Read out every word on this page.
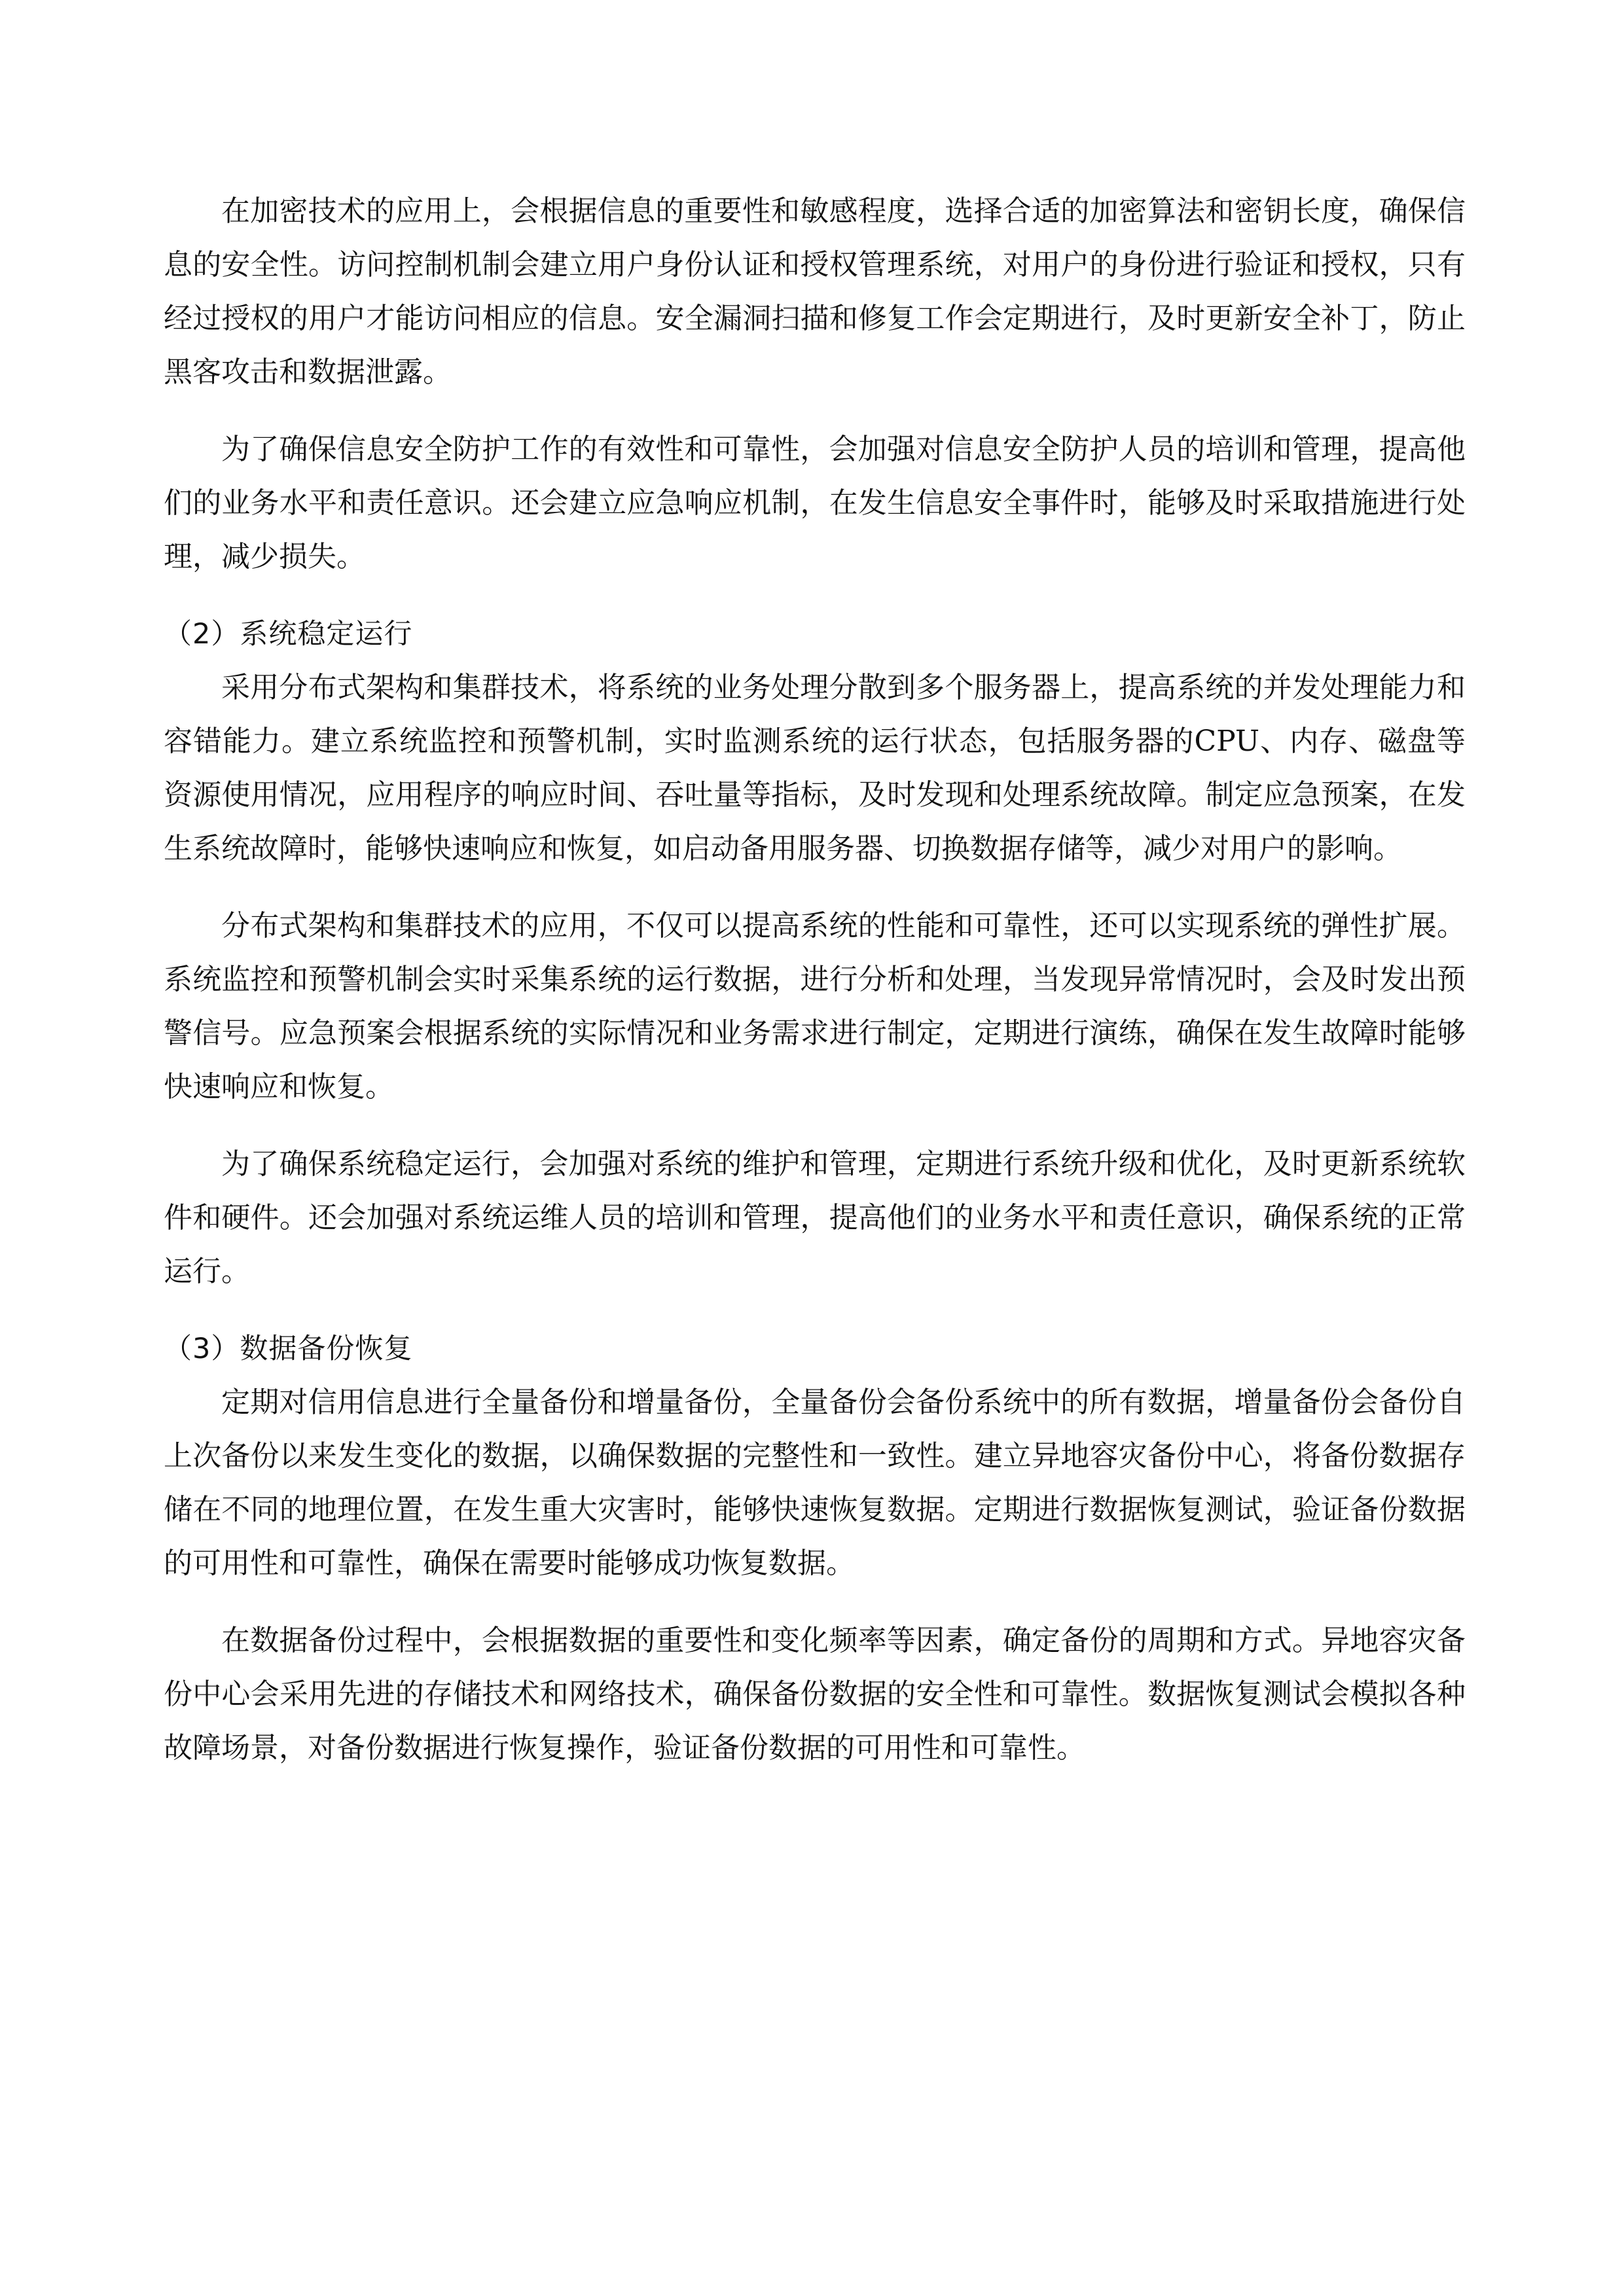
在加密技术的应用上，会根据信息的重要性和敏感程度，选择合适的加密算法和密钥长度，确保信息的安全性。访问控制机制会建立用户身份认证和授权管理系统，对用户的身份进行验证和授权，只有经过授权的用户才能访问相应的信息。安全漏洞扫描和修复工作会定期进行，及时更新安全补丁，防止黑客攻击和数据泄露。

为了确保信息安全防护工作的有效性和可靠性，会加强对信息安全防护人员的培训和管理，提高他们的业务水平和责任意识。还会建立应急响应机制，在发生信息安全事件时，能够及时采取措施进行处理，减少损失。

（2）系统稳定运行

采用分布式架构和集群技术，将系统的业务处理分散到多个服务器上，提高系统的并发处理能力和容错能力。建立系统监控和预警机制，实时监测系统的运行状态，包括服务器的CPU、内存、磁盘等资源使用情况，应用程序的响应时间、吞吐量等指标，及时发现和处理系统故障。制定应急预案，在发生系统故障时，能够快速响应和恢复，如启动备用服务器、切换数据存储等，减少对用户的影响。

分布式架构和集群技术的应用，不仅可以提高系统的性能和可靠性，还可以实现系统的弹性扩展。系统监控和预警机制会实时采集系统的运行数据，进行分析和处理，当发现异常情况时，会及时发出预警信号。应急预案会根据系统的实际情况和业务需求进行制定，定期进行演练，确保在发生故障时能够快速响应和恢复。

为了确保系统稳定运行，会加强对系统的维护和管理，定期进行系统升级和优化，及时更新系统软件和硬件。还会加强对系统运维人员的培训和管理，提高他们的业务水平和责任意识，确保系统的正常运行。

（3）数据备份恢复

定期对信用信息进行全量备份和增量备份，全量备份会备份系统中的所有数据，增量备份会备份自上次备份以来发生变化的数据，以确保数据的完整性和一致性。建立异地容灾备份中心，将备份数据存储在不同的地理位置，在发生重大灾害时，能够快速恢复数据。定期进行数据恢复测试，验证备份数据的可用性和可靠性，确保在需要时能够成功恢复数据。

在数据备份过程中，会根据数据的重要性和变化频率等因素，确定备份的周期和方式。异地容灾备份中心会采用先进的存储技术和网络技术，确保备份数据的安全性和可靠性。数据恢复测试会模拟各种故障场景，对备份数据进行恢复操作，验证备份数据的可用性和可靠性。
